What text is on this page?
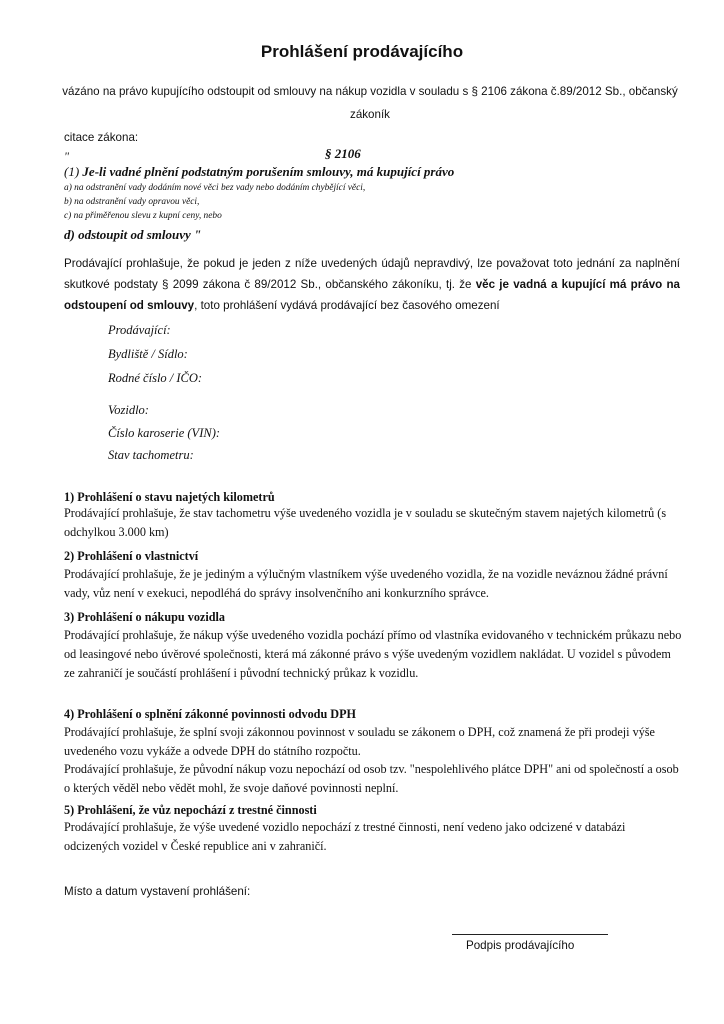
Prohlášení prodávajícího
vázáno na právo kupujícího odstoupit od smlouvy na nákup vozidla v souladu s § 2106 zákona č.89/2012 Sb., občanský zákoník
citace zákona:
"	§ 2106
(1) Je-li vadné plnění podstatným porušením smlouvy, má kupující právo
a) na odstranění vady dodáním nové věci bez vady nebo dodáním chybějící věci,
b) na odstranění vady opravou věci,
c) na přiměřenou slevu z kupní ceny, nebo
d) odstoupit od smlouvy "
Prodávající prohlašuje, že pokud je jeden z níže uvedených údajů nepravdivý, lze považovat toto jednání za naplnění skutkové podstaty § 2099 zákona č 89/2012 Sb., občanského zákoníku, tj. že věc je vadná a kupující má právo na odstoupení od smlouvy, toto prohlášení vydává prodávající bez časového omezení
Prodávající:
Bydliště / Sídlo:
Rodné číslo / IČO:
Vozidlo:
Číslo karoserie (VIN):
Stav tachometru:
1) Prohlášení o stavu najetých kilometrů
Prodávající prohlašuje, že stav tachometru výše uvedeného vozidla je v souladu se skutečným stavem najetých kilometrů (s odchylkou 3.000 km)
2) Prohlášení o vlastnictví
Prodávající prohlašuje, že je jediným a výlučným vlastníkem výše uvedeného vozidla, že na vozidle neváznou žádné právní vady, vůz není v exekuci, nepodléhá do správy insolvenčního ani konkurzního správce.
3) Prohlášení o nákupu vozidla
Prodávající prohlašuje, že nákup výše uvedeného vozidla pochází přímo od vlastníka evidovaného v technickém průkazu nebo od leasingové nebo úvěrové společnosti, která má zákonné právo s výše uvedeným vozidlem nakládat. U vozidel s původem ze zahraničí je součástí prohlášení i původní technický průkaz k vozidlu.
4) Prohlášení o splnění zákonné povinnosti odvodu DPH
Prodávající prohlašuje, že splní svoji zákonnou povinnost v souladu se zákonem o DPH, což znamená že při prodeji výše uvedeného vozu vykáže a odvede DPH do státního rozpočtu.
Prodávající prohlašuje, že původní nákup vozu nepochází od osob tzv. "nespolehlivého plátce DPH" ani od společností a osob o kterých věděl nebo vědět mohl, že svoje daňové povinnosti neplní.
5) Prohlášení, že vůz nepochází z trestné činnosti
Prodávající prohlašuje, že výše uvedené vozidlo nepochází z trestné činnosti, není vedeno jako odcizené v databázi odcizených vozidel v České republice ani v zahraničí.
Místo a datum vystavení prohlášení:
Podpis prodávajícího
